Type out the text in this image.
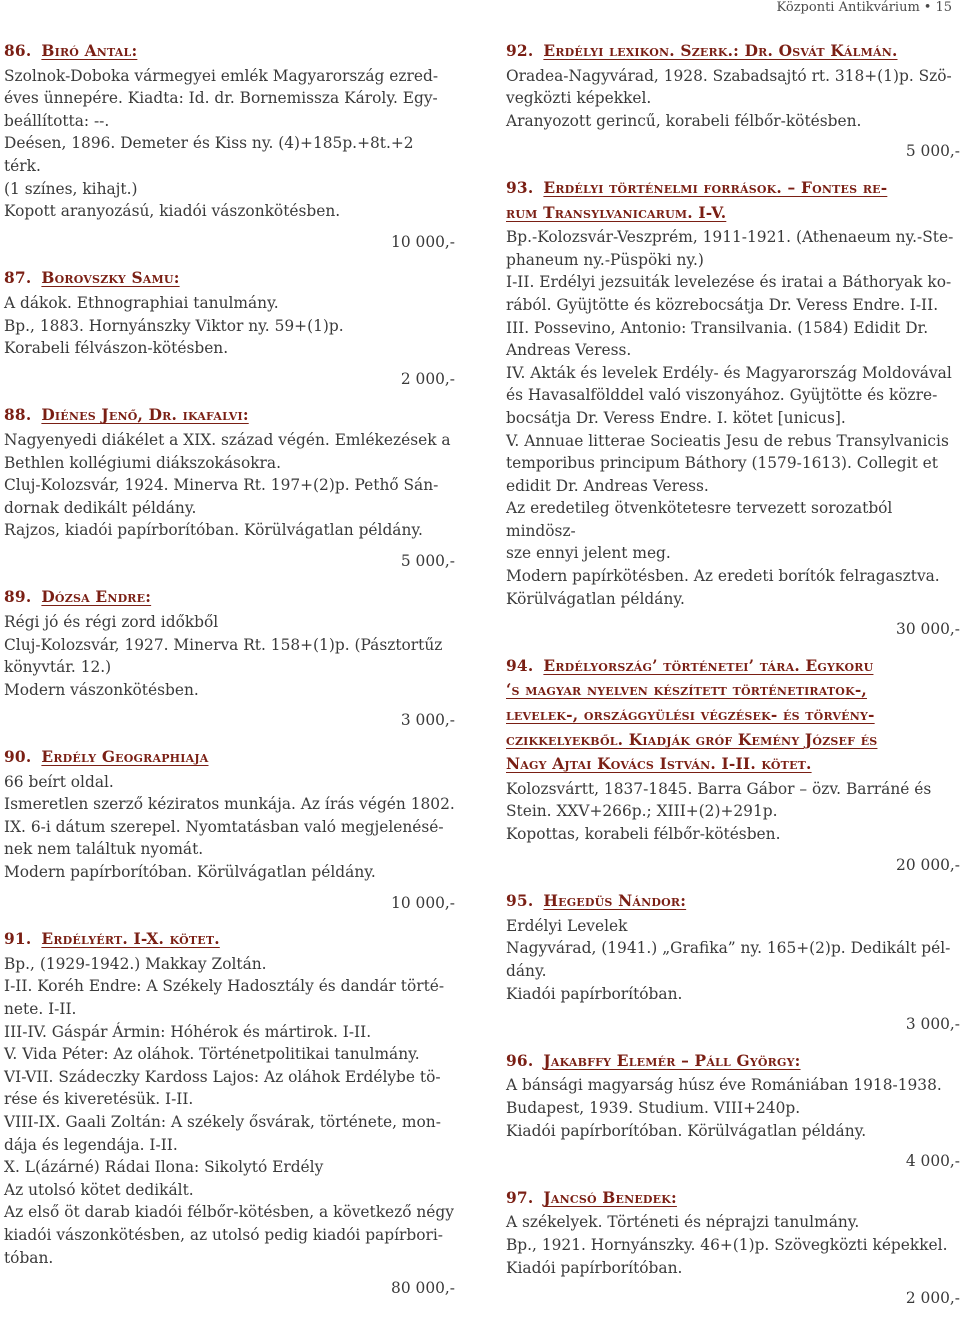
Központi Antikvárium • 15
86. Biró Antal:
Szolnok-Doboka vármegyei emlék Magyarország ezred-
éves ünnepére. Kiadta: Id. dr. Bornemissza Károly. Egy-
beállította: --.
Deésen, 1896. Demeter és Kiss ny. (4)+185p.+8t.+2 térk.
(1 színes, kihajt.)
Kopott aranyozású, kiadói vászonkötésben.
10 000,-
87. Borovszky Samu:
A dákok. Ethnographiai tanulmány.
Bp., 1883. Hornyánszky Viktor ny. 59+(1)p.
Korabeli félvászon-kötésben.
2 000,-
88. Diénes Jenő, Dr. ikafalvi:
Nagyenyedi diákélet a XIX. század végén. Emlékezések a
Bethlen kollégiumi diákszokásokra.
Cluj-Kolozsvár, 1924. Minerva Rt. 197+(2)p. Pethő Sán-
dornak dedikált példány.
Rajzos, kiadói papírborítóban. Körülvágatlan példány.
5 000,-
89. Dózsa Endre:
Régi jó és régi zord időkből
Cluj-Kolozsvár, 1927. Minerva Rt. 158+(1)p. (Pásztortűz
könyvtár. 12.)
Modern vászonkötésben.
3 000,-
90. Erdély Geographiaja
66 beírt oldal.
Ismeretlen szerző kéziratos munkája. Az írás végén 1802.
IX. 6-i dátum szerepel. Nyomtatásban való megjelenésé-
nek nem találtuk nyomát.
Modern papírborítóban. Körülvágatlan példány.
10 000,-
91. Erdélyért. I-X. kötet.
Bp., (1929-1942.) Makkay Zoltán.
I-II. Koréh Endre: A Székely Hadosztály és dandár törté-
nete. I-II.
III-IV. Gáspár Ármin: Hóhérok és mártirok. I-II.
V. Vida Péter: Az oláhok. Történetpolitikai tanulmány.
VI-VII. Szádeczky Kardoss Lajos: Az oláhok Erdélybe tö-
rése és kiveretésük. I-II.
VIII-IX. Gaali Zoltán: A székely ősvárak, története, mon-
dája és legendája. I-II.
X. L(ázárné) Rádai Ilona: Sikolytó Erdély
Az utolsó kötet dedikált.
Az első öt darab kiadói félbőr-kötésben, a következő négy
kiadói vászonkötésben, az utolsó pedig kiadói papírbori-
tóban.
80 000,-
92. Erdélyi lexikon. Szerk.: Dr. Osvát Kálmán.
Oradea-Nagyvárad, 1928. Szabadsajtó rt. 318+(1)p. Szö-
vegközti képekkel.
Aranyozott gerincű, korabeli félbőr-kötésben.
5 000,-
93. Erdélyi történelmi források. – Fontes re-
rum Transylvanicarum. I-V.
Bp.-Kolozsvár-Veszprém, 1911-1921. (Athenaeum ny.-Ste-
phaneum ny.-Püspöki ny.)
I-II. Erdélyi jezsuiták levelezése és iratai a Báthoryak ko-
rából. Gyüjtötte és közrebocsátja Dr. Veress Endre. I-II.
III. Possevino, Antonio: Transilvania. (1584) Edidit Dr.
Andreas Veress.
IV. Akták és levelek Erdély- és Magyarország Moldovával
és Havasalfölddel való viszonyához. Gyüjtötte és közre-
bocsátja Dr. Veress Endre. I. kötet [unicus].
V. Annuae litterae Socieatis Jesu de rebus Transylvanicis
temporibus principum Báthory (1579-1613). Collegit et
edidit Dr. Andreas Veress.
Az eredetileg ötvenkötetesre tervezett sorozatból mindösz-
sze ennyi jelent meg.
Modern papírkötésben. Az eredeti borítók felragasztva.
Körülvágatlan példány.
30 000,-
94. Erdélyország’ történetei’ tára. Egykoru
‘s magyar nyelven készített történetiratok-,
levelek-, országgyülési végzések- és törvény-
czikkelyekből. Kiadják gróf Kemény József és
Nagy Ajtai Kovács István. I-II. kötet.
Kolozsvártt, 1837-1845. Barra Gábor – özv. Barráné és
Stein. XXV+266p.; XIII+(2)+291p.
Kopottas, korabeli félbőr-kötésben.
20 000,-
95. Hegedüs Nándor:
Erdélyi Levelek
Nagyvárad, (1941.) „Grafika” ny. 165+(2)p. Dedikált pél-
dány.
Kiadói papírborítóban.
3 000,-
96. Jakabffy Elemér – Páll György:
A bánsági magyarság húsz éve Romániában 1918-1938.
Budapest, 1939. Studium. VIII+240p.
Kiadói papírborítóban. Körülvágatlan példány.
4 000,-
97. Jancsó Benedek:
A székelyek. Történeti és néprajzi tanulmány.
Bp., 1921. Hornyánszky. 46+(1)p. Szövegközti képekkel.
Kiadói papírborítóban.
2 000,-
